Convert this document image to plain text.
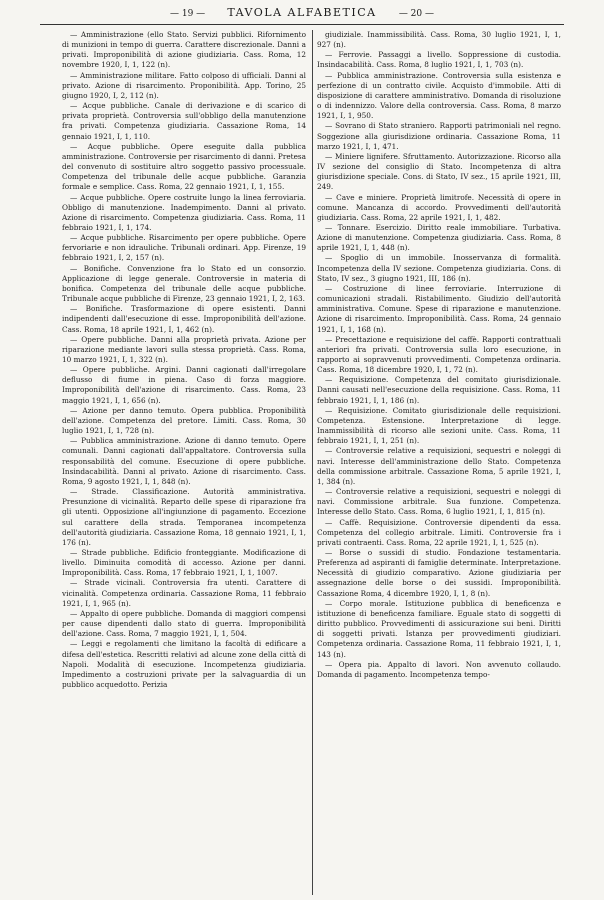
— 19 —	TAVOLA ALFABETICA	— 20 —

— Amministrazione (ello Stato. Servizi pubblici. Rifornimento di munizioni in tempo di guerra. Carattere discrezionale. Danni a privati. Improponibilità di azione giudiziaria. Cass. Roma, 12 novembre 1920, I, 1, 122 (n).

— Amministrazione militare. Fatto colposo di ufficiali. Danni al privato. Azione di risarcimento. Proponibilità. App. Torino, 25 giugno 1920, I, 2, 112 (n).

— Acque pubbliche. Canale di derivazione e di scarico di privata proprietà. Controversia sull'obbligo della manutenzione fra privati. Competenza giudiziaria. Cassazione Roma, 14 gennaio 1921, I, 1, 110.

— Acque pubbliche. Opere eseguite dalla pubblica amministrazione. Controversie per risarcimento di danni. Pretesa del convenuto di sostituire altro soggetto passivo processuale. Competenza del tribunale delle acque pubbliche. Garanzia formale e semplice. Cass. Roma, 22 gennaio 1921, I, 1, 155.

— Acque pubbliche. Opere costruite lungo la linea ferroviaria. Obbligo di manutenzione. Inadempimento. Danni al privato. Azione di risarcimento. Competenza giudiziaria. Cass. Roma, 11 febbraio 1921, I, 1, 174.

— Acque pubbliche. Risarcimento per opere pubbliche. Opere fervoriarie e non idrauliche. Tribunali ordinari. App. Firenze, 19 febbraio 1921, I, 2, 157 (n).

— Bonifiche. Convenzione fra lo Stato ed un consorzio. Applicazione di legge generale. Controversie in materia di bonifica. Competenza del tribunale delle acque pubbliche. Tribunale acque pubbliche di Firenze, 23 gennaio 1921, I, 2, 163.

— Bonifiche. Trasformazione di opere esistenti. Danni indipendenti dall'esecuzione di esse. Improponibilità dell'azione. Cass. Roma, 18 aprile 1921, I, 1, 462 (n).

— Opere pubbliche. Danni alla proprietà privata. Azione per riparazione mediante lavori sulla stessa proprietà. Cass. Roma, 10 marzo 1921, I, 1, 322 (n).

— Opere pubbliche. Argini. Danni cagionati dall'irregolare deflusso di fiume in piena. Caso di forza maggiore. Improponibilità dell'azione di risarcimento. Cass. Roma, 23 maggio 1921, I, 1, 656 (n).

— Azione per danno temuto. Opera pubblica. Proponibilità dell'azione. Competenza del pretore. Limiti. Cass. Roma, 30 luglio 1921, I, 1, 728 (n).

— Pubblica amministrazione. Azione di danno temuto. Opere comunali. Danni cagionati dall'appaltatore. Controversia sulla responsabilità del comune. Esecuzione di opere pubbliche. Insindacabilità. Danni al privato. Azione di risarcimento. Cass. Roma, 9 agosto 1921, I, 1, 848 (n).

— Strade. Classificazione. Autorità amministrativa. Presunzione di vicinalità. Reparto delle spese di riparazione fra gli utenti. Opposizione all'ingiunzione di pagamento. Eccezione sul carattere della strada. Temporanea incompetenza dell'autorità giudiziaria. Cassazione Roma, 18 gennaio 1921, I, 1, 176 (n).

— Strade pubbliche. Edificio fronteggiante. Modificazione di livello. Diminuita comodità di accesso. Azione per danni. Improponibilità. Cass. Roma, 17 febbraio 1921, I, 1, 1007.

— Strade vicinali. Controversia fra utenti. Carattere di vicinalità. Competenza ordinaria. Cassazione Roma, 11 febbraio 1921, I, 1, 965 (n).

— Appalto di opere pubbliche. Domanda di maggiori compensi per cause dipendenti dallo stato di guerra. Improponibilità dell'azione. Cass. Roma, 7 maggio 1921, I, 1, 504.

— Leggi e regolamenti che limitano la facoltà di edificare a difesa dell'estetica. Rescritti relativi ad alcune zone della città di Napoli. Modalità di esecuzione. Incompetenza giudiziaria. Impedimento a costruzioni private per la salvaguardia di un pubblico acquedotto. Perizia

giudiziale. Inammissibilità. Cass. Roma, 30 luglio 1921, I, 1, 927 (n).

— Ferrovie. Passaggi a livello. Soppressione di custodia. Insindacabilità. Cass. Roma, 8 luglio 1921, I, 1, 703 (n).

— Pubblica amministrazione. Controversia sulla esistenza e perfezione di un contratto civile. Acquisto d'immobile. Atti di disposizione di carattere amministrativo. Domanda di risoluzione o di indennizzo. Valore della controversia. Cass. Roma, 8 marzo 1921, I, 1, 950.

— Sovrano di Stato straniero. Rapporti patrimoniali nel regno. Soggezione alla giurisdizione ordinaria. Cassazione Roma, 11 marzo 1921, I, 1, 471.

— Miniere lignifere. Sfruttamento. Autorizzazione. Ricorso alla IV sezione del consiglio di Stato. Incompetenza di altra giurisdizione speciale. Cons. di Stato, IV sez., 15 aprile 1921, III, 249.

— Cave e miniere. Proprietà limitrofe. Necessità di opere in comune. Mancanza di accordo. Provvedimenti dell'autorità giudiziaria. Cass. Roma, 22 aprile 1921, I, 1, 482.

— Tonnare. Esercizio. Diritto reale immobiliare. Turbativa. Azione di manutenzione. Competenza giudiziaria. Cass. Roma, 8 aprile 1921, I, 1, 448 (n).

— Spoglio di un immobile. Inosservanza di formalità. Incompetenza della IV sezione. Competenza giudiziaria. Cons. di Stato, IV sez., 3 giugno 1921, III, 186 (n).

— Costruzione di linee ferroviarie. Interruzione di comunicazioni stradali. Ristabilimento. Giudizio dell'autorità amministrativa. Comune. Spese di riparazione e manutenzione. Azione di risarcimento. Improponibilità. Cass. Roma, 24 gennaio 1921, I, 1, 168 (n).

— Precettazione e requisizione del caffè. Rapporti contrattuali anteriori fra privati. Controversia sulla loro esecuzione, in rapporto ai sopravvenuti provvedimenti. Competenza ordinaria. Cass. Roma, 18 dicembre 1920, I, 1, 72 (n).

— Requisizione. Competenza del comitato giurisdizionale. Danni causati nell'esecuzione della requisizione. Cass. Roma, 11 febbraio 1921, I, 1, 186 (n).

— Requisizione. Comitato giurisdizionale delle requisizioni. Competenza. Estensione. Interpretazione di legge. Inammissibilità di ricorso alle sezioni unite. Cass. Roma, 11 febbraio 1921, I, 1, 251 (n).

— Controversie relative a requisizioni, sequestri e noleggi di navi. Interesse dell'amministrazione dello Stato. Competenza della commissione arbitrale. Cassazione Roma, 5 aprile 1921, I, 1, 384 (n).

— Controversie relative a requisizioni, sequestri e noleggi di navi. Commissione arbitrale. Sua funzione. Competenza. Interesse dello Stato. Cass. Roma, 6 luglio 1921, I, 1, 815 (n).

— Caffè. Requisizione. Controversie dipendenti da essa. Competenza del collegio arbitrale. Limiti. Controversie fra i privati contraenti. Cass. Roma, 22 aprile 1921, I, 1, 525 (n).

— Borse o sussidi di studio. Fondazione testamentaria. Preferenza ad aspiranti di famiglie determinate. Interpretazione. Necessità di giudizio comparativo. Azione giudiziaria per assegnazione delle borse o dei sussidi. Improponibilità. Cassazione Roma, 4 dicembre 1920, I, 1, 8 (n).

— Corpo morale. Istituzione pubblica di beneficenza e istituzione di beneficenza familiare. Eguale stato di soggetti di diritto pubblico. Provvedimenti di assicurazione sui beni. Diritti di soggetti privati. Istanza per provvedimenti giudiziari. Competenza ordinaria. Cassazione Roma, 11 febbraio 1921, I, 1, 143 (n).

— Opera pia. Appalto di lavori. Non avvenuto collaudo. Domanda di pagamento. Incompetenza tempo-
